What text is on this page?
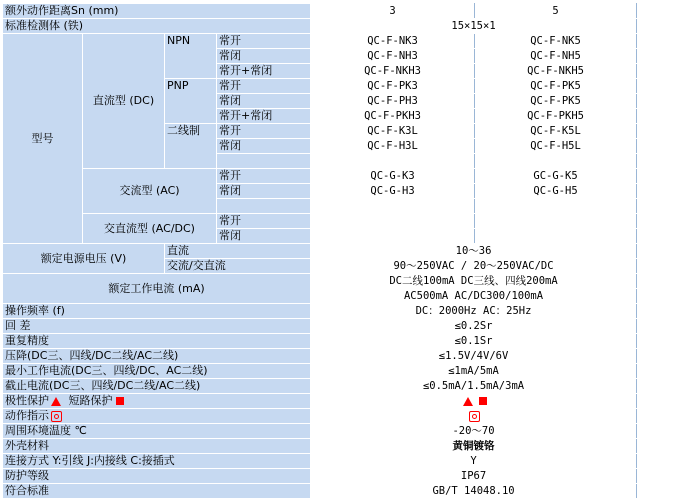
额外动作距离Sn (mm)				3	5
标准检测体 (铁)				15×15×1	
型号	直流型 (DC)	NPN	常开	QC-F-NK3	QC-F-NK5
			常闭	QC-F-NH3	QC-F-NH5
			常开+常闭	QC-F-NKH3	QC-F-NKH5
		PNP	常开	QC-F-PK3	QC-F-PK5
			常闭	QC-F-PH3	QC-F-PK5
			常开+常闭	QC-F-PKH3	QC-F-PKH5
		二线制	常开	QC-F-K3L	QC-F-K5L
			常闭	QC-F-H3L	QC-F-H5L

	交流型 (AC)		常开	QC-G-K3	GC-G-K5
			常闭	QC-G-H3	QC-G-H5

	交直流型 (AC/DC)		常开		
			常闭		
额定电源电压 (V)		直流		10～36	
		交流/交直流		90～250VAC / 20～250VAC/DC	
额定工作电流 (mA)				DC二线100mA DC三线、四线200mA	
				AC500mA AC/DC300/100mA	
操作频率 (f)				DC：2000Hz AC：25Hz	
回 差				≤0.2Sr	
重复精度				≤0.1Sr	
压降(DC三、四线/DC二线/AC二线)				≤1.5V/4V/6V	
最小工作电流(DC三、四线/DC、AC二线)				≤1mA/5mA	
截止电流(DC三、四线/DC二线/AC二线)				≤0.5mA/1.5mA/3mA	
极性保护 短路保护					
动作指示					
周围环境温度 ℃				-20～70	
外壳材料				黄铜镀铬	
连接方式 Y:引线 J:内接线 C:接插式				Y	
防护等级				IP67	
符合标准				GB/T 14048.10	
